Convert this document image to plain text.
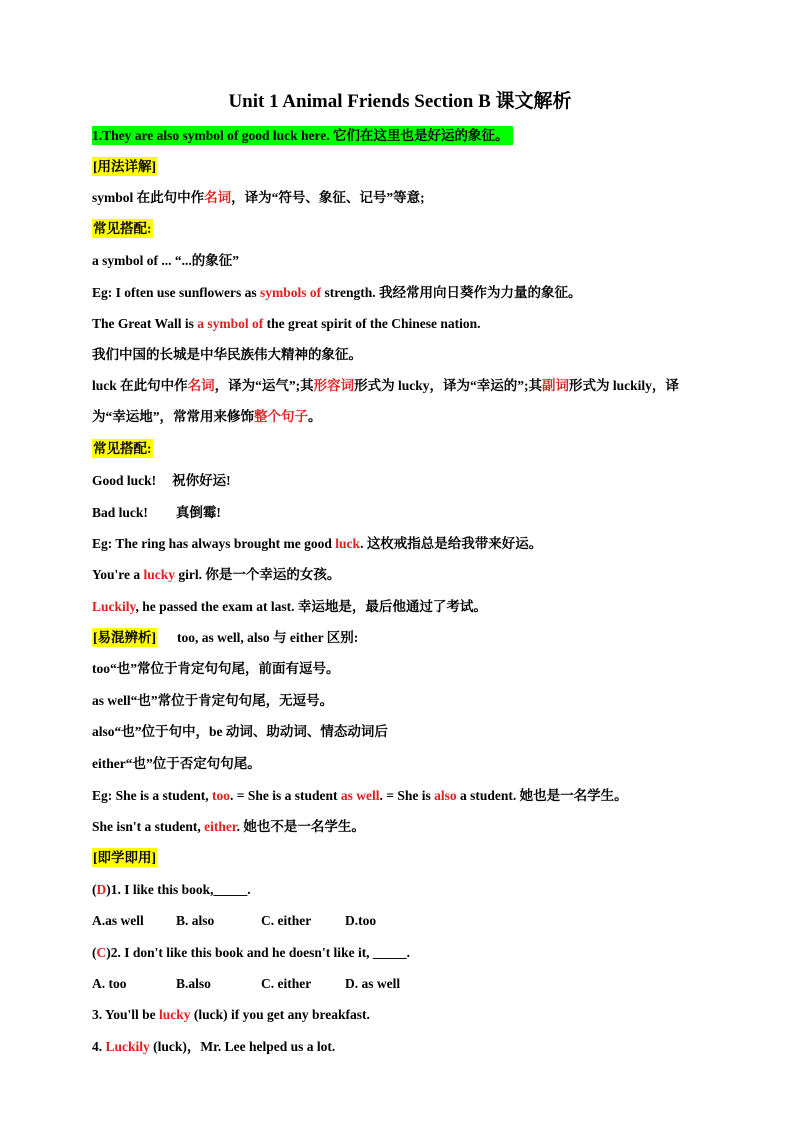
Unit 1 Animal Friends Section B 课文解析
1.They are also symbol of good luck here. 它们在这里也是好运的象征。
[用法详解]
symbol 在此句中作名词，译为“符号、象征、记号”等意;
常见搭配:
a symbol of ... “...的象征”
Eg: I often use sunflowers as symbols of strength. 我经常用向日葵作为力量的象征。
The Great Wall is a symbol of the great spirit of the Chinese nation.
我们中国的长城是中华民族伟大精神的象征。
luck 在此句中作名词，译为“运气”;其形容词形式为 lucky，译为“幸运的”;其副词形式为 luckily，译为“幸运地”，常常用来修饰整个句子。
常见搭配:
Good luck! 祝你好运!
Bad luck! 真倒霉!
Eg: The ring has always brought me good luck. 这枚戒指总是给我带来好运。
You're a lucky girl. 你是一个幸运的女孩。
Luckily, he passed the exam at last. 幸运地是，最后他通过了考试。
[易混辨析] too, as well, also 与 either 区别:
too“也”常位于肯定句句尾，前面有逗号。
as well“也”常位于肯定句句尾，无逗号。
also“也”位于句中，be 动词、助动词、情态动词后
either“也”位于否定句句尾。
Eg: She is a student, too. = She is a student as well. = She is also a student. 她也是一名学生。
She isn't a student, either. 她也不是一名学生。
[即学即用]
(D)1. I like this book,_____.
A.as well B. also	C. either	D.too
(C)2. I don't like this book and he doesn't like it, _____.
A. too	B.also	C. either	D. as well
3. You'll be lucky (luck) if you get any breakfast.
4. Luckily (luck)，Mr. Lee helped us a lot.
